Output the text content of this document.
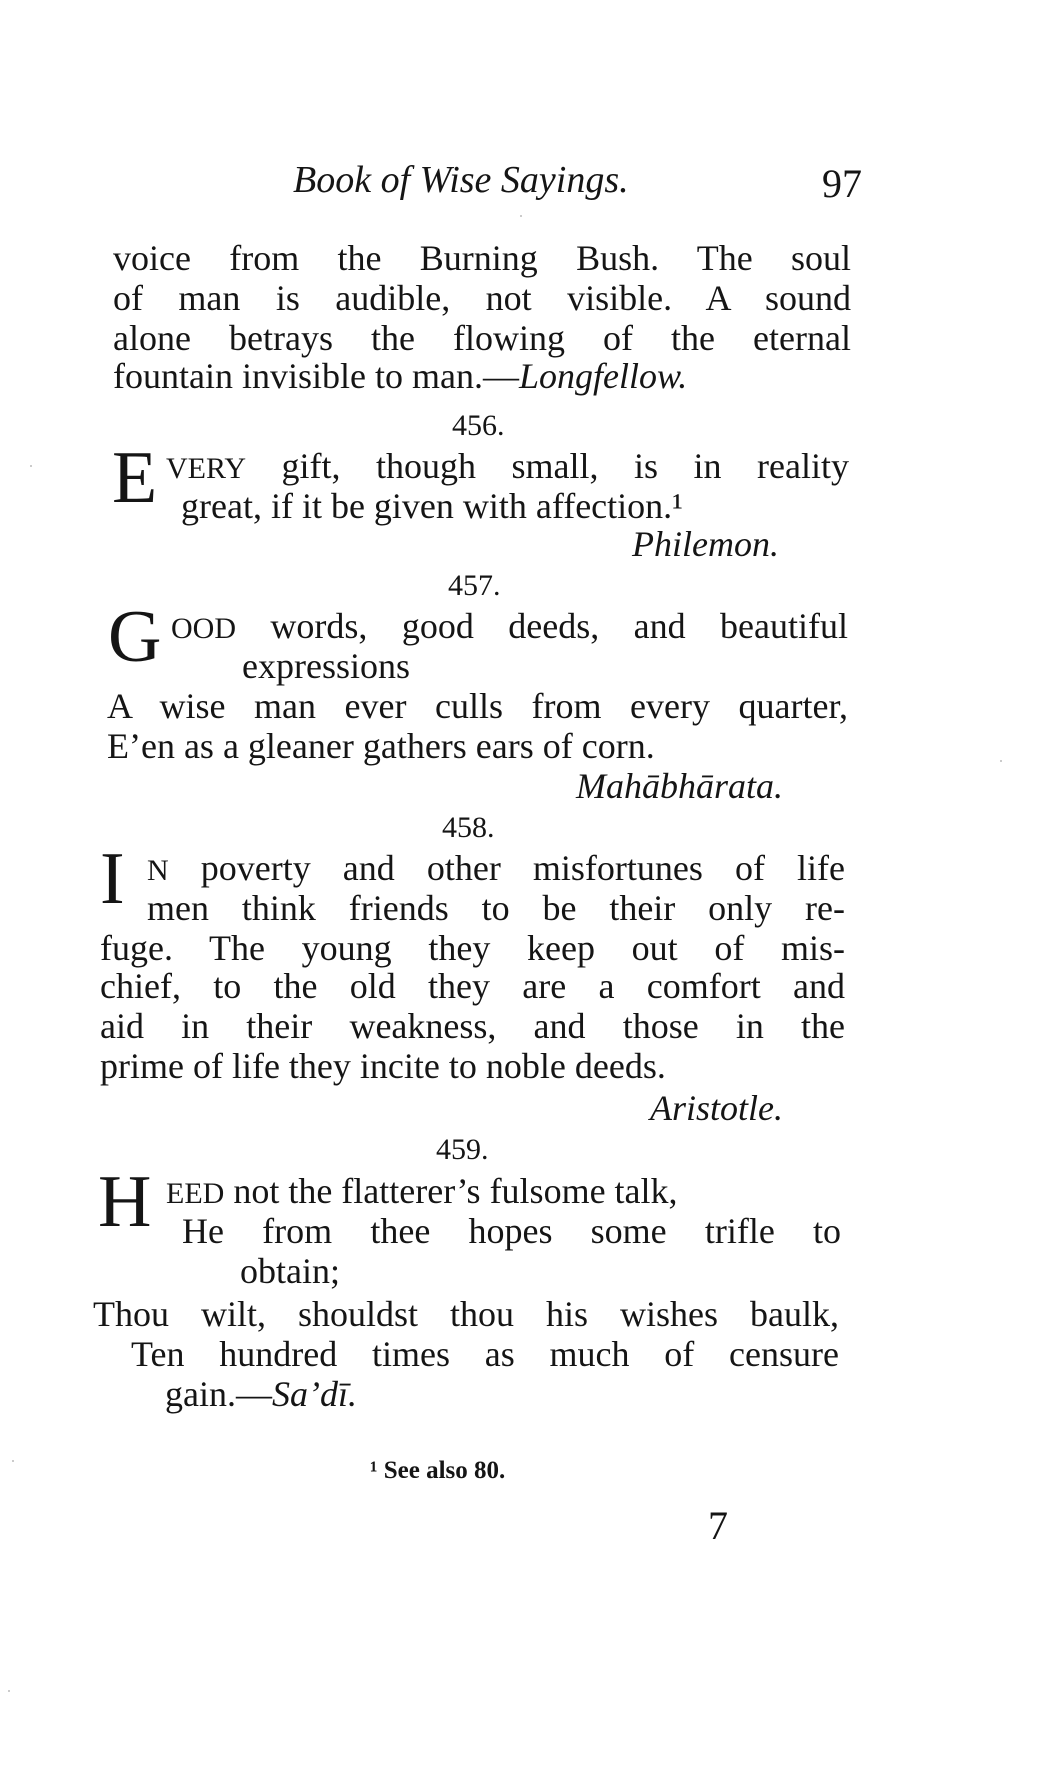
Book of Wise Sayings.	97
voice from the Burning Bush. The soul
of man is audible, not visible. A sound
alone betrays the flowing of the eternal
fountain invisible to man.—Longfellow.
456.
E VERY gift, though small, is in reality
great, if it be given with affection.¹
Philemon.
457.
G OOD words, good deeds, and beautiful
expressions
A wise man ever culls from every quarter,
E’en as a gleaner gathers ears of corn.
Mahābhārata.
458.
I N poverty and other misfortunes of life
men think friends to be their only re-
fuge. The young they keep out of mis-
chief, to the old they are a comfort and
aid in their weakness, and those in the
prime of life they incite to noble deeds.
Aristotle.
459.
H EED not the flatterer’s fulsome talk,
He from thee hopes some trifle to
obtain;
Thou wilt, shouldst thou his wishes baulk,
Ten hundred times as much of censure
gain.—Sa’dī.
¹ See also 80.
7
